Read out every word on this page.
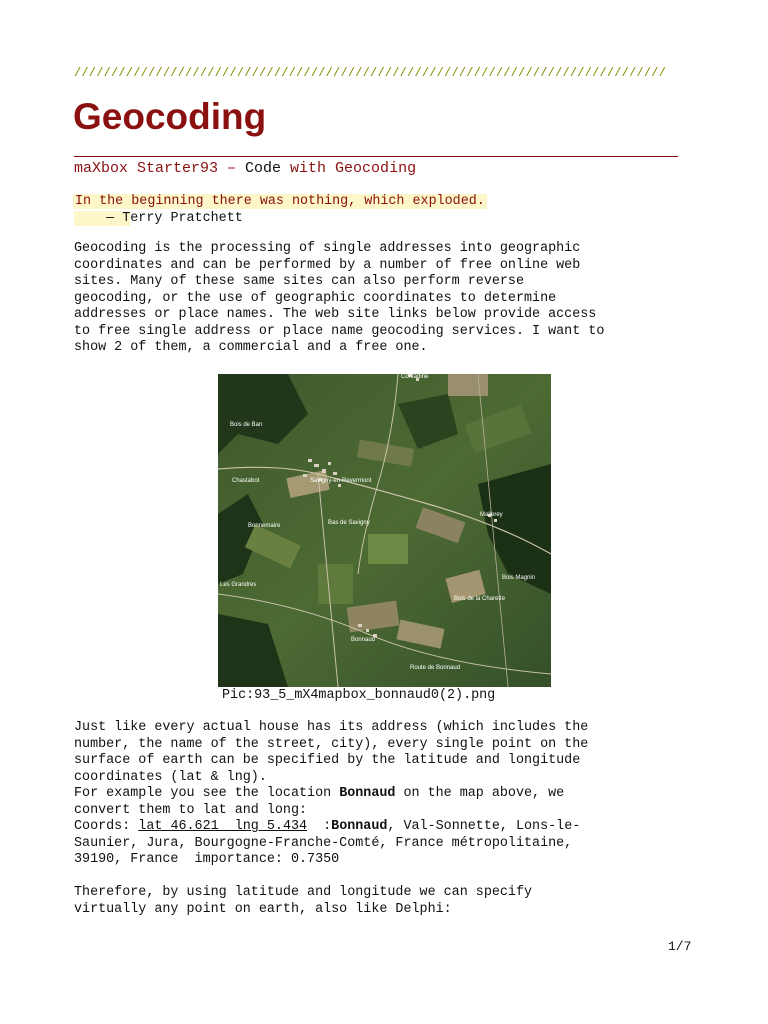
////////////////////////////////////////////////////////////////////////////////
Geocoding
maXbox Starter93 – Code with Geocoding
In the beginning there was nothing, which exploded.
— Terry Pratchett
Geocoding is the processing of single addresses into geographic
coordinates and can be performed by a number of free online web
sites. Many of these same sites can also perform reverse
geocoding, or the use of geographic coordinates to determine
addresses or place names. The web site links below provide access
to free single address or place name geocoding services. I want to
show 2 of them, a commercial and a free one.
Contadine
Bois de Ban
Chastabot	Savigny-en-Revermont
Bonnemaire	Bas de Savigny
Mallerey
Bois Magnin
Bois de la Charette
Bonnaud
Les Grandres
Route de Bonnaud
Pic:93_5_mX4mapbox_bonnaud0(2).png
Just like every actual house has its address (which includes the
number, the name of the street, city), every single point on the
surface of earth can be specified by the latitude and longitude
coordinates (lat & lng).
For example you see the location Bonnaud on the map above, we
convert them to lat and long:
Coords: lat 46.621  lng 5.434  :Bonnaud, Val-Sonnette, Lons-le-
Saunier, Jura, Bourgogne-Franche-Comté, France métropolitaine,
39190, France  importance: 0.7350
Therefore, by using latitude and longitude we can specify
virtually any point on earth, also like Delphi:
1/7
